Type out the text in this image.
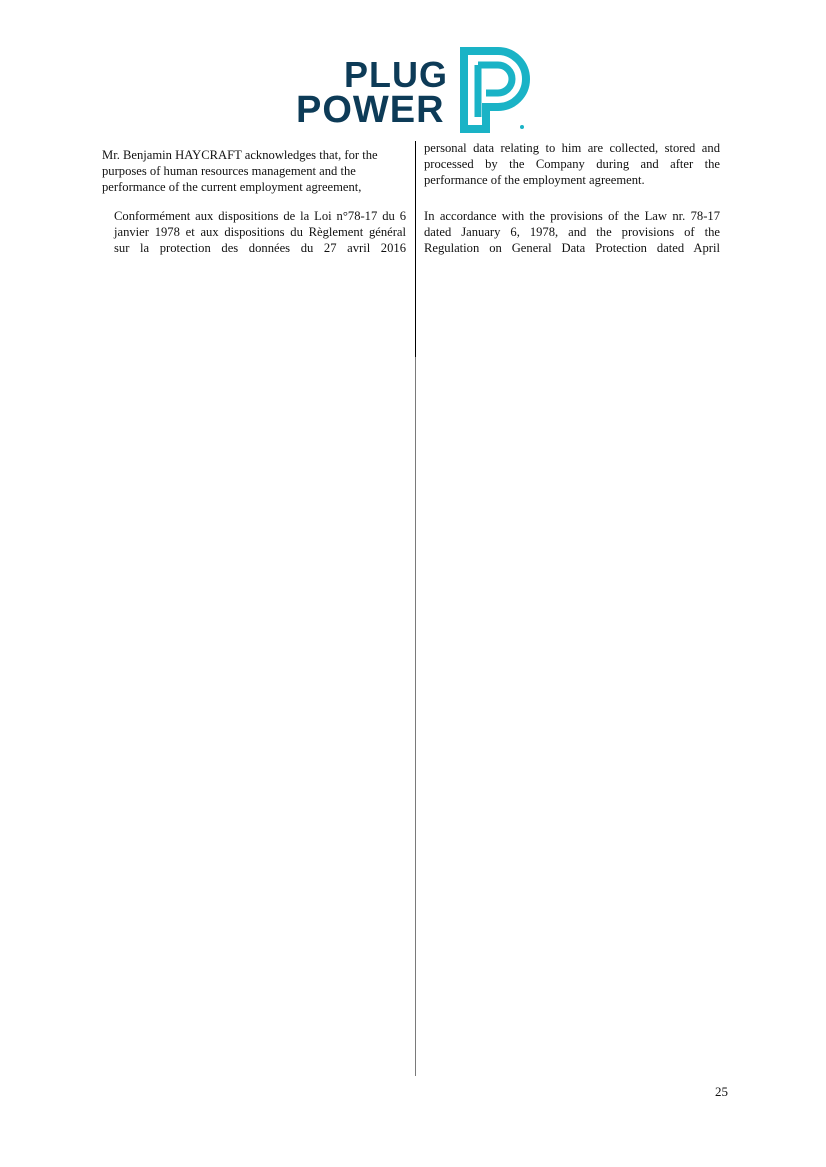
PLUG
POWER

Mr. Benjamin HAYCRAFT acknowledges that, for the purposes of human resources management and the performance of the current employment agreement,

Conformément aux dispositions de la Loi n°78-17 du 6 janvier 1978 et aux dispositions du Règlement général sur la protection des données du 27 avril 2016

personal data relating to him are collected, stored and processed by the Company during and after the performance of the employment agreement.

In accordance with the provisions of the Law nr. 78-17 dated January 6, 1978, and the provisions of the Regulation on General Data Protection dated April

25
